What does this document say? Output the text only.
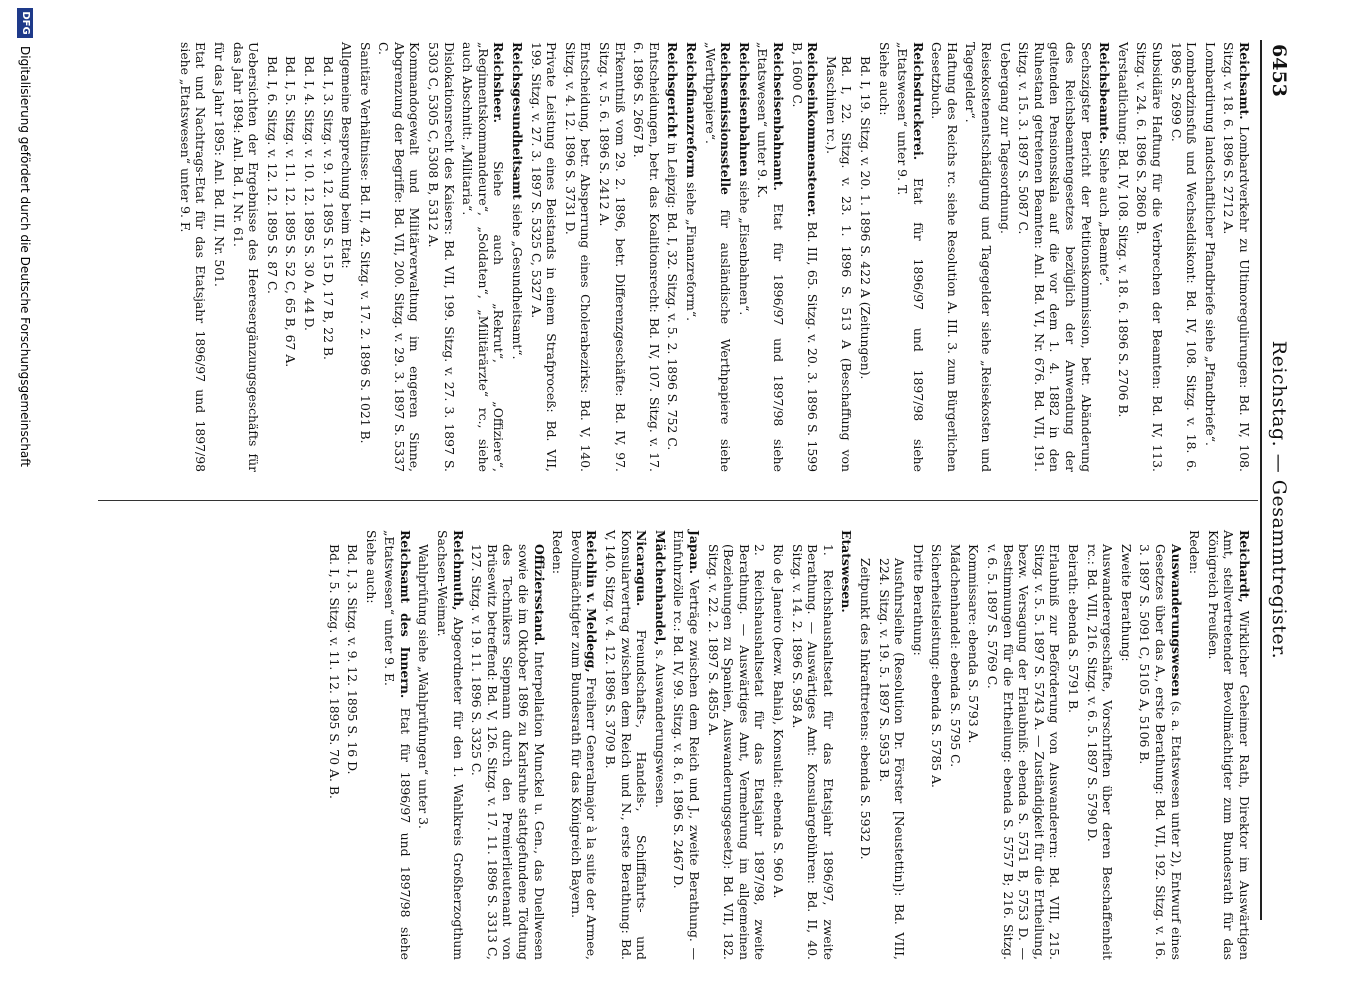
6453
Reichstag. — Gesammtregister.
Reichsamt. Lombardverkehr zu Ultimoregulirungen: Bd. IV, 108. Sitzg. v. 18. 6. 1896 S. 2712 A.
Lombardirung landschaftlicher Pfandbriefe siehe „Pfandbriefe“.
Lombardzinsfuß und Wechseldiskont: Bd. IV, 108. Sitzg. v. 18. 6. 1896 S. 2699 C.
Subsidiäre Haftung für die Verbrechen der Beamten: Bd. IV, 113. Sitzg. v. 24. 6. 1896 S. 2860 B.
Verstaatlichung: Bd. IV, 108. Sitzg. v. 18. 6. 1896 S. 2706 B.
Reichsbeamte. Siehe auch „Beamte“.
Sechszigster Bericht der Petitionskommission, betr. Abänderung des Reichsbeamtengesetzes bezüglich der Anwendung der geltenden Pensionsskala auf die vor dem 1. 4. 1882 in den Ruhestand getretenen Beamten: Anl. Bd. VI, Nr. 676. Bd. VII, 191. Sitzg. v. 15. 3. 1897 S. 5087 C.
Uebergang zur Tagesordnung.
Reisekostenentschädigung und Tagegelder siehe „Reisekosten und Tagegelder“.
Haftung des Reichs rc. siehe Resolution A. III. 3. zum Bürgerlichen Gesetzbuch.
Reichsdruckerei. Etat für 1896/97 und 1897/98 siehe „Etatswesen“ unter 9. T.
Siehe auch:
Bd. I, 19. Sitzg. v. 20. 1. 1896 S. 422 A (Zeitungen).
Bd. I, 22. Sitzg. v. 23. 1. 1896 S. 513 A (Beschaffung von Maschinen rc.).
Reichseinkommensteuer. Bd. III, 65. Sitzg. v. 20. 3. 1896 S. 1599 B, 1600 C.
Reichseisenbahnamt. Etat für 1896/97 und 1897/98 siehe „Etatswesen“ unter 9. K.
Reichseisenbahnen siehe „Eisenbahnen“.
Reichsemissionsstelle für ausländische Werthpapiere siehe „Werthpapiere“.
Reichsfinanzreform siehe „Finanzreform“.
Reichsgericht in Leipzig: Bd. I, 32. Sitzg. v. 5. 2. 1896 S. 752 C.
Entscheidungen, betr. das Koalitionsrecht: Bd. IV, 107. Sitzg. v. 17. 6. 1896 S. 2667 B.
Erkenntniß vom 29. 2. 1896, betr. Differenzgeschäfte: Bd. IV, 97. Sitzg. v. 5. 6. 1896 S. 2412 A.
Entscheidung, betr. Absperrung eines Cholerabezirks: Bd. V, 140. Sitzg. v. 4. 12. 1896 S. 3731 D.
Private Leistung eines Beistands in einem Strafproceß: Bd. VII, 199. Sitzg. v. 27. 3. 1897 S. 5325 C, 5327 A.
Reichsgesundheitsamt siehe „Gesundheitsamt“.
Reichsheer. Siehe auch „Rekrut“, „Offiziere“, „Regimentskommandeure“, „Soldaten“, „Militärärzte“ rc., siehe auch Abschnitt: „Militaria“.
Dislokationsrecht des Kaisers: Bd. VII, 199. Sitzg. v. 27. 3. 1897 S. 5303 C, 5305 C, 5308 B, 5312 A.
Kommandogewalt und Militärverwaltung im engeren Sinne, Abgrenzung der Begriffe: Bd. VII, 200. Sitzg. v. 29. 3. 1897 S. 5337 C.
Sanitäre Verhältnisse: Bd. II, 42. Sitzg. v. 17. 2. 1896 S. 1021 B.
Allgemeine Besprechung beim Etat:
Bd. I, 3. Sitzg. v. 9. 12. 1895 S. 15 D, 17 B, 22 B.
Bd. I, 4. Sitzg. v. 10. 12. 1895 S. 30 A, 44 D.
Bd. I, 5. Sitzg. v. 11. 12. 1895 S. 52 C, 65 B, 67 A.
Bd. I, 6. Sitzg. v. 12. 12. 1895 S. 87 C.
Uebersichten der Ergebnisse des Heeresergänzungsgeschäfts für das Jahr 1894: Anl. Bd. I, Nr. 61.
für das Jahr 1895: Anl. Bd. III, Nr. 501.
Etat und Nachtrags-Etat für das Etatsjahr 1896/97 und 1897/98 siehe „Etatswesen“ unter 9. F.
Reichardt, Wirklicher Geheimer Rath, Direktor im Auswärtigen Amt, stellvertretender Bevollmächtigter zum Bundesrath für das Königreich Preußen.
Reden:
Auswanderungswesen (s. a. Etatswesen unter 2), Entwurf eines Gesetzes über das A., erste Berathung: Bd. VII, 192. Sitzg. v. 16. 3. 1897 S. 5091 C, 5105 A, 5106 B.
Zweite Berathung:
Auswanderergeschäfte, Vorschriften über deren Beschaffenheit rc.: Bd. VIII, 216. Sitzg. v. 6. 5. 1897 S. 5790 D.
Beirath: ebenda S. 5791 B.
Erlaubniß zur Beförderung von Auswanderern: Bd. VIII, 215. Sitzg. v. 5. 5. 1897 S. 5743 A. — Zuständigkeit für die Ertheilung, bezw. Versagung der Erlaubniß: ebenda S. 5751 B, 5753 D. — Bestimmungen für die Ertheilung: ebenda S. 5757 B; 216. Sitzg. v. 6. 5. 1897 S. 5769 C.
Kommissare: ebenda S. 5793 A.
Mädchenhandel: ebenda S. 5795 C.
Sicherheitsleistung: ebenda S. 5785 A.
Dritte Berathung:
Ausfuhrsleihe (Resolution Dr. Förster [Neustettin]): Bd. VIII, 224. Sitzg. v. 19. 5. 1897 S. 5953 B.
Zeitpunkt des Inkrafttretens: ebenda S. 5932 D.
Etatswesen.
1. Reichshaushaltsetat für das Etatsjahr 1896/97, zweite Berathung. — Auswärtiges Amt: Konsulargebühren: Bd. II, 40. Sitzg. v. 14. 2. 1896 S. 958 A.
Rio de Janeiro (bezw. Bahia), Konsulat: ebenda S. 960 A.
2. Reichshaushaltsetat für das Etatsjahr 1897/98, zweite Berathung. — Auswärtiges Amt, Vermehrung im allgemeinen (Beziehungen zu Spanien, Auswanderungsgesetz): Bd. VII, 182. Sitzg. v. 22. 2. 1897 S. 4855 A.
Japan. Verträge zwischen dem Reich und J., zweite Berathung. — Einfuhrzölle rc.: Bd. IV, 99. Sitzg. v. 8. 6. 1896 S. 2467 D.
Mädchenhandel, s. Auswanderungswesen.
Nicaragua. Freundschafts-, Handels-, Schifffahrts- und Konsularvertrag zwischen dem Reich und N., erste Berathung: Bd. V, 140. Sitzg. v. 4. 12. 1896 S. 3709 B.
Reichlin v. Meldegg, Freiherr Generalmajor à la suite der Armee, Bevollmächtigter zum Bundesrath für das Königreich Bayern.
Reden:
Offiziersstand. Interpellation Munckel u. Gen., das Duellwesen sowie die im Oktober 1896 zu Karlsruhe stattgefundene Tödtung des Technikers Siepmann durch den Premierlieutenant von Brüsewitz betreffend: Bd. V, 126. Sitzg. v. 17. 11. 1896 S. 3313 C, 127. Sitzg. v. 19. 11. 1896 S. 3325 C.
Reichmuth, Abgeordneter für den 1. Wahlkreis Großherzogthum Sachsen-Weimar.
Wahlprüfung siehe „Wahlprüfungen“ unter 3.
Reichsamt des Innern. Etat für 1896/97 und 1897/98 siehe „Etatswesen“ unter 9. E.
Siehe auch:
Bd. I, 3. Sitzg. v. 9. 12. 1895 S. 16 D.
Bd. I, 5. Sitzg. v. 11. 12. 1895 S. 70 A. B.
DFG
Digitalisierung gefördert durch die Deutsche Forschungsgemeinschaft
